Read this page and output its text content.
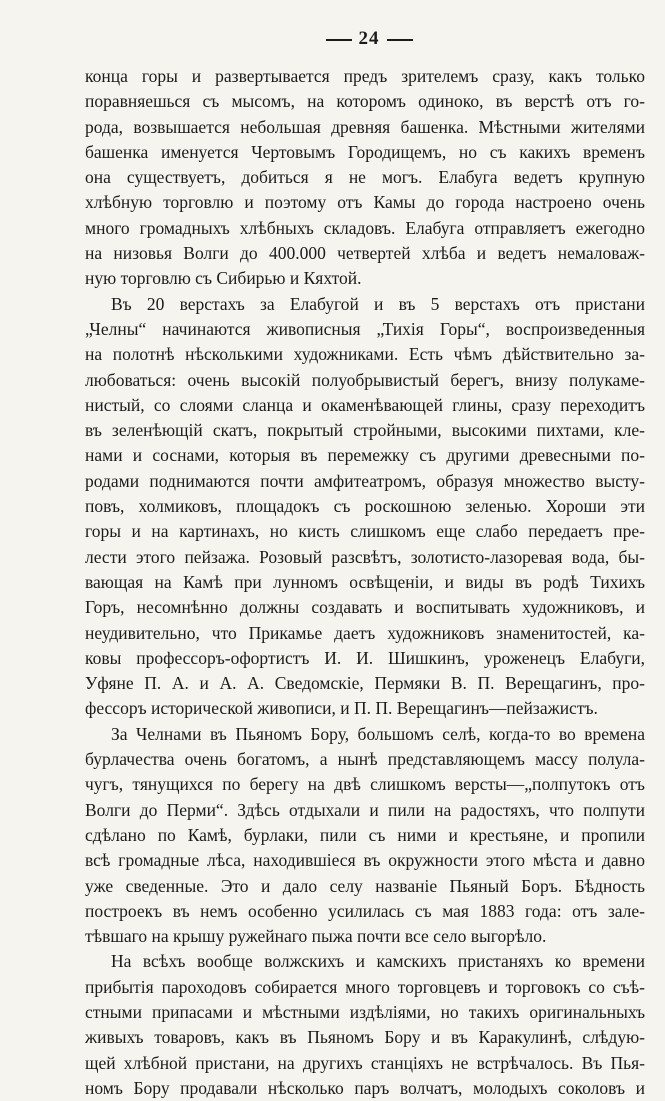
24
конца горы и развертывается предъ зрителемъ сразу, какъ только
поравняешься съ мысомъ, на которомъ одиноко, въ верстѣ отъ го-
рода, возвышается небольшая древняя башенка. Мѣстными жителями
башенка именуется Чертовымъ Городищемъ, но съ какихъ временъ
она существуетъ, добиться я не могъ. Елабуга ведетъ крупную
хлѣбную торговлю и поэтому отъ Камы до города настроено очень
много громадныхъ хлѣбныхъ складовъ. Елабуга отправляетъ ежегодно
на низовья Волги до 400.000 четвертей хлѣба и ведетъ немаловаж-
ную торговлю съ Сибирью и Кяхтой.
Въ 20 верстахъ за Елабугой и въ 5 верстахъ отъ пристани
„Челны“ начинаются живописныя „Тихія Горы“, воспроизведенныя
на полотнѣ нѣсколькими художниками. Есть чѣмъ дѣйствительно за-
любоваться: очень высокій полуобрывистый берегъ, внизу полукаме-
нистый, со слоями сланца и окаменѣвающей глины, сразу переходитъ
въ зеленѣющій скатъ, покрытый стройными, высокими пихтами, кле-
нами и соснами, которыя въ перемежку съ другими древесными по-
родами поднимаются почти амфитеатромъ, образуя множество высту-
повъ, холмиковъ, площадокъ съ роскошною зеленью. Хороши эти
горы и на картинахъ, но кисть слишкомъ еще слабо передаетъ пре-
лести этого пейзажа. Розовый разсвѣтъ, золотисто-лазоревая вода, бы-
вающая на Камѣ при лунномъ освѣщеніи, и виды въ родѣ Тихихъ
Горъ, несомнѣнно должны создавать и воспитывать художниковъ, и
неудивительно, что Прикамье даетъ художниковъ знаменитостей, ка-
ковы профессоръ-офортистъ И. И. Шишкинъ, уроженецъ Елабуги,
Уфяне П. А. и А. А. Сведомскіе, Пермяки В. П. Верещагинъ, про-
фессоръ исторической живописи, и П. П. Верещагинъ—пейзажистъ.
За Челнами въ Пьяномъ Бору, большомъ селѣ, когда-то во времена
бурлачества очень богатомъ, а нынѣ представляющемъ массу полула-
чугъ, тянущихся по берегу на двѣ слишкомъ версты—„полпутокъ отъ
Волги до Перми“. Здѣсь отдыхали и пили на радостяхъ, что полпути
сдѣлано по Камѣ, бурлаки, пили съ ними и крестьяне, и пропили
всѣ громадные лѣса, находившіеся въ окружности этого мѣста и давно
уже сведенные. Это и дало селу названіе Пьяный Боръ. Бѣдность
построекъ въ немъ особенно усилилась съ мая 1883 года: отъ зале-
тѣвшаго на крышу ружейнаго пыжа почти все село выгорѣло.
На всѣхъ вообще волжскихъ и камскихъ пристаняхъ ко времени
прибытія пароходовъ собирается много торговцевъ и торговокъ со съѣ-
стными припасами и мѣстными издѣліями, но такихъ оригинальныхъ
живыхъ товаровъ, какъ въ Пьяномъ Бору и въ Каракулинѣ, слѣдую-
щей хлѣбной пристани, на другихъ станціяхъ не встрѣчалось. Въ Пья-
номъ Бору продавали нѣсколько паръ волчатъ, молодыхъ соколовъ и
